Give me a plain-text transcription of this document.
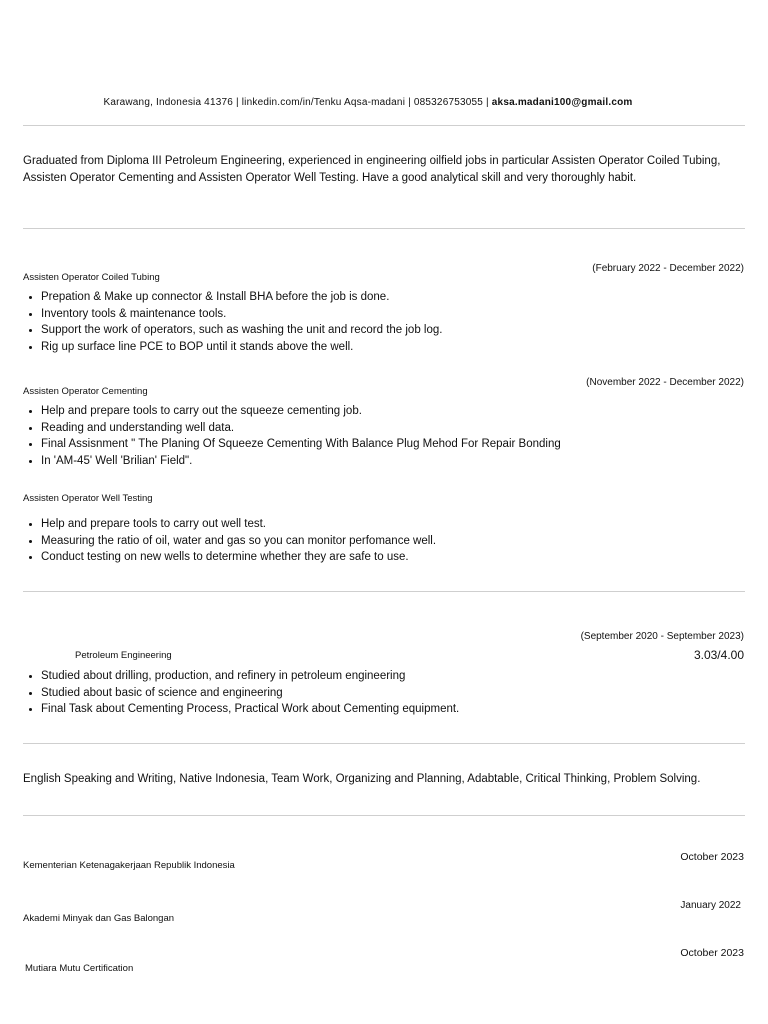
Karawang, Indonesia 41376 | linkedin.com/in/Tenku Aqsa-madani | 085326753055 | aksa.madani100@gmail.com
Graduated from Diploma III Petroleum Engineering, experienced in engineering oilfield jobs in particular Assisten Operator Coiled Tubing, Assisten Operator Cementing and Assisten Operator Well Testing. Have a good analytical skill and very thoroughly habit.
(February 2022 - December 2022)
Assisten Operator Coiled Tubing
• Prepation & Make up connector & Install BHA before the job is done.
• Inventory tools & maintenance tools.
• Support the work of operators, such as washing the unit and record the job log.
• Rig up surface line PCE to BOP until it stands above the well.
(November 2022 - December 2022)
Assisten Operator Cementing
• Help and prepare tools to carry out the squeeze cementing job.
• Reading and understanding well data.
• Final Assisnment " The Planing Of Squeeze Cementing With Balance Plug Mehod For Repair Bonding
• In 'AM-45' Well 'Brilian' Field".
Assisten Operator Well Testing
• Help and prepare tools to carry out well test.
• Measuring the ratio of oil, water and gas so you can monitor perfomance well.
• Conduct testing on new wells to determine whether they are safe to use.
(September 2020 - September 2023)
Petroleum Engineering	3.03/4.00
• Studied about drilling, production, and refinery in petroleum engineering
• Studied about basic of science and engineering
• Final Task about Cementing Process, Practical Work about Cementing equipment.
English Speaking and Writing, Native Indonesia, Team Work, Organizing and Planning, Adabtable, Critical Thinking, Problem Solving.
October 2023
Kementerian Ketenagakerjaan Republik Indonesia
January 2022
Akademi Minyak dan Gas Balongan
October 2023
Mutiara Mutu Certification
